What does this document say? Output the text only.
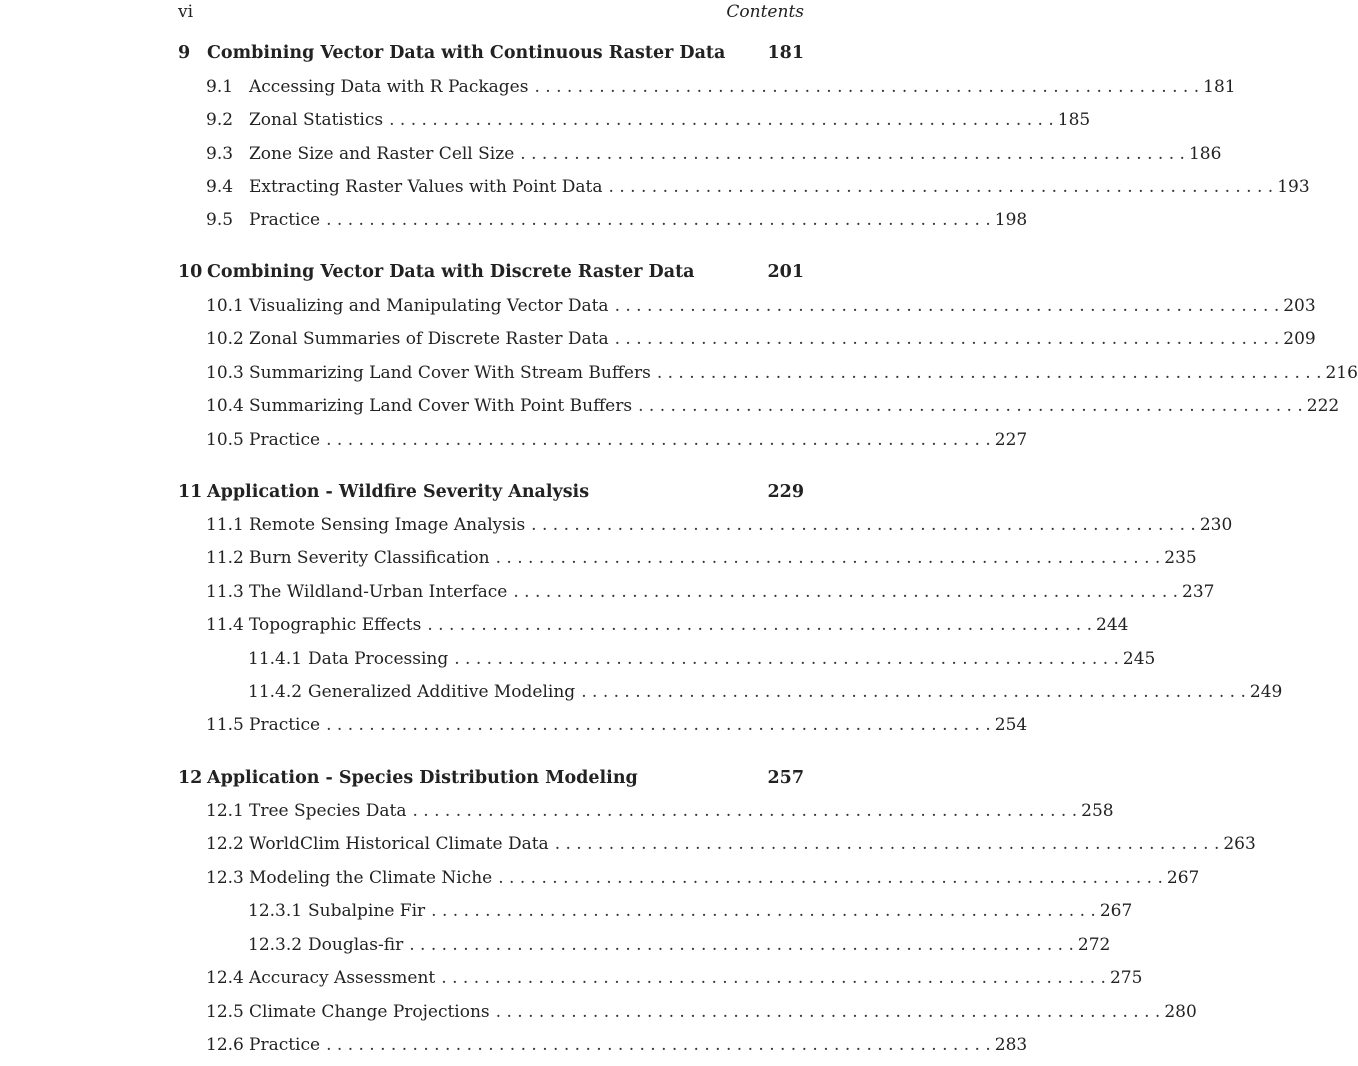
vi	Contents
9 Combining Vector Data with Continuous Raster Data 181
9.1 Accessing Data with R Packages . . . . . . . . . . . . . . . . . . . . . . . . . . . . . . . . . . . . . . . . . . . . . . . . . . . . . . . . . . . . . . 181
9.2 Zonal Statistics . . . . . . . . . . . . . . . . . . . . . . . . . . . . . . . . . . . . . . . . . . . . . . . . . . . . . . . . . . . . . . 185
9.3 Zone Size and Raster Cell Size . . . . . . . . . . . . . . . . . . . . . . . . . . . . . . . . . . . . . . . . . . . . . . . . . . . . . . . . . . . . . . 186
9.4 Extracting Raster Values with Point Data . . . . . . . . . . . . . . . . . . . . . . . . . . . . . . . . . . . . . . . . . . . . . . . . . . . . . . . . . . . . . . 193
9.5 Practice . . . . . . . . . . . . . . . . . . . . . . . . . . . . . . . . . . . . . . . . . . . . . . . . . . . . . . . . . . . . . . 198
10 Combining Vector Data with Discrete Raster Data	201
10.1 Visualizing and Manipulating Vector Data . . . . . . . . . . . . . . . . . . . . . . . . . . . . . . . . . . . . . . . . . . . . . . . . . . . . . . . . . . . . . . 203
10.2 Zonal Summaries of Discrete Raster Data . . . . . . . . . . . . . . . . . . . . . . . . . . . . . . . . . . . . . . . . . . . . . . . . . . . . . . . . . . . . . . 209
10.3 Summarizing Land Cover With Stream Buffers . . . . . . . . . . . . . . . . . . . . . . . . . . . . . . . . . . . . . . . . . . . . . . . . . . . . . . . . . . . . . . 216
10.4 Summarizing Land Cover With Point Buffers . . . . . . . . . . . . . . . . . . . . . . . . . . . . . . . . . . . . . . . . . . . . . . . . . . . . . . . . . . . . . . 222
10.5 Practice . . . . . . . . . . . . . . . . . . . . . . . . . . . . . . . . . . . . . . . . . . . . . . . . . . . . . . . . . . . . . . 227
11 Application - Wildfire Severity Analysis	229
11.1 Remote Sensing Image Analysis . . . . . . . . . . . . . . . . . . . . . . . . . . . . . . . . . . . . . . . . . . . . . . . . . . . . . . . . . . . . . . 230
11.2 Burn Severity Classification . . . . . . . . . . . . . . . . . . . . . . . . . . . . . . . . . . . . . . . . . . . . . . . . . . . . . . . . . . . . . . 235
11.3 The Wildland-Urban Interface . . . . . . . . . . . . . . . . . . . . . . . . . . . . . . . . . . . . . . . . . . . . . . . . . . . . . . . . . . . . . . 237
11.4 Topographic Effects . . . . . . . . . . . . . . . . . . . . . . . . . . . . . . . . . . . . . . . . . . . . . . . . . . . . . . . . . . . . . . 244
11.4.1 Data Processing . . . . . . . . . . . . . . . . . . . . . . . . . . . . . . . . . . . . . . . . . . . . . . . . . . . . . . . . . . . . . . 245
11.4.2 Generalized Additive Modeling . . . . . . . . . . . . . . . . . . . . . . . . . . . . . . . . . . . . . . . . . . . . . . . . . . . . . . . . . . . . . . 249
11.5 Practice . . . . . . . . . . . . . . . . . . . . . . . . . . . . . . . . . . . . . . . . . . . . . . . . . . . . . . . . . . . . . . 254
12 Application - Species Distribution Modeling	257
12.1 Tree Species Data . . . . . . . . . . . . . . . . . . . . . . . . . . . . . . . . . . . . . . . . . . . . . . . . . . . . . . . . . . . . . . 258
12.2 WorldClim Historical Climate Data . . . . . . . . . . . . . . . . . . . . . . . . . . . . . . . . . . . . . . . . . . . . . . . . . . . . . . . . . . . . . . 263
12.3 Modeling the Climate Niche . . . . . . . . . . . . . . . . . . . . . . . . . . . . . . . . . . . . . . . . . . . . . . . . . . . . . . . . . . . . . . 267
12.3.1 Subalpine Fir . . . . . . . . . . . . . . . . . . . . . . . . . . . . . . . . . . . . . . . . . . . . . . . . . . . . . . . . . . . . . . 267
12.3.2 Douglas-fir . . . . . . . . . . . . . . . . . . . . . . . . . . . . . . . . . . . . . . . . . . . . . . . . . . . . . . . . . . . . . . 272
12.4 Accuracy Assessment . . . . . . . . . . . . . . . . . . . . . . . . . . . . . . . . . . . . . . . . . . . . . . . . . . . . . . . . . . . . . . 275
12.5 Climate Change Projections . . . . . . . . . . . . . . . . . . . . . . . . . . . . . . . . . . . . . . . . . . . . . . . . . . . . . . . . . . . . . . 280
12.6 Practice . . . . . . . . . . . . . . . . . . . . . . . . . . . . . . . . . . . . . . . . . . . . . . . . . . . . . . . . . . . . . . 283
